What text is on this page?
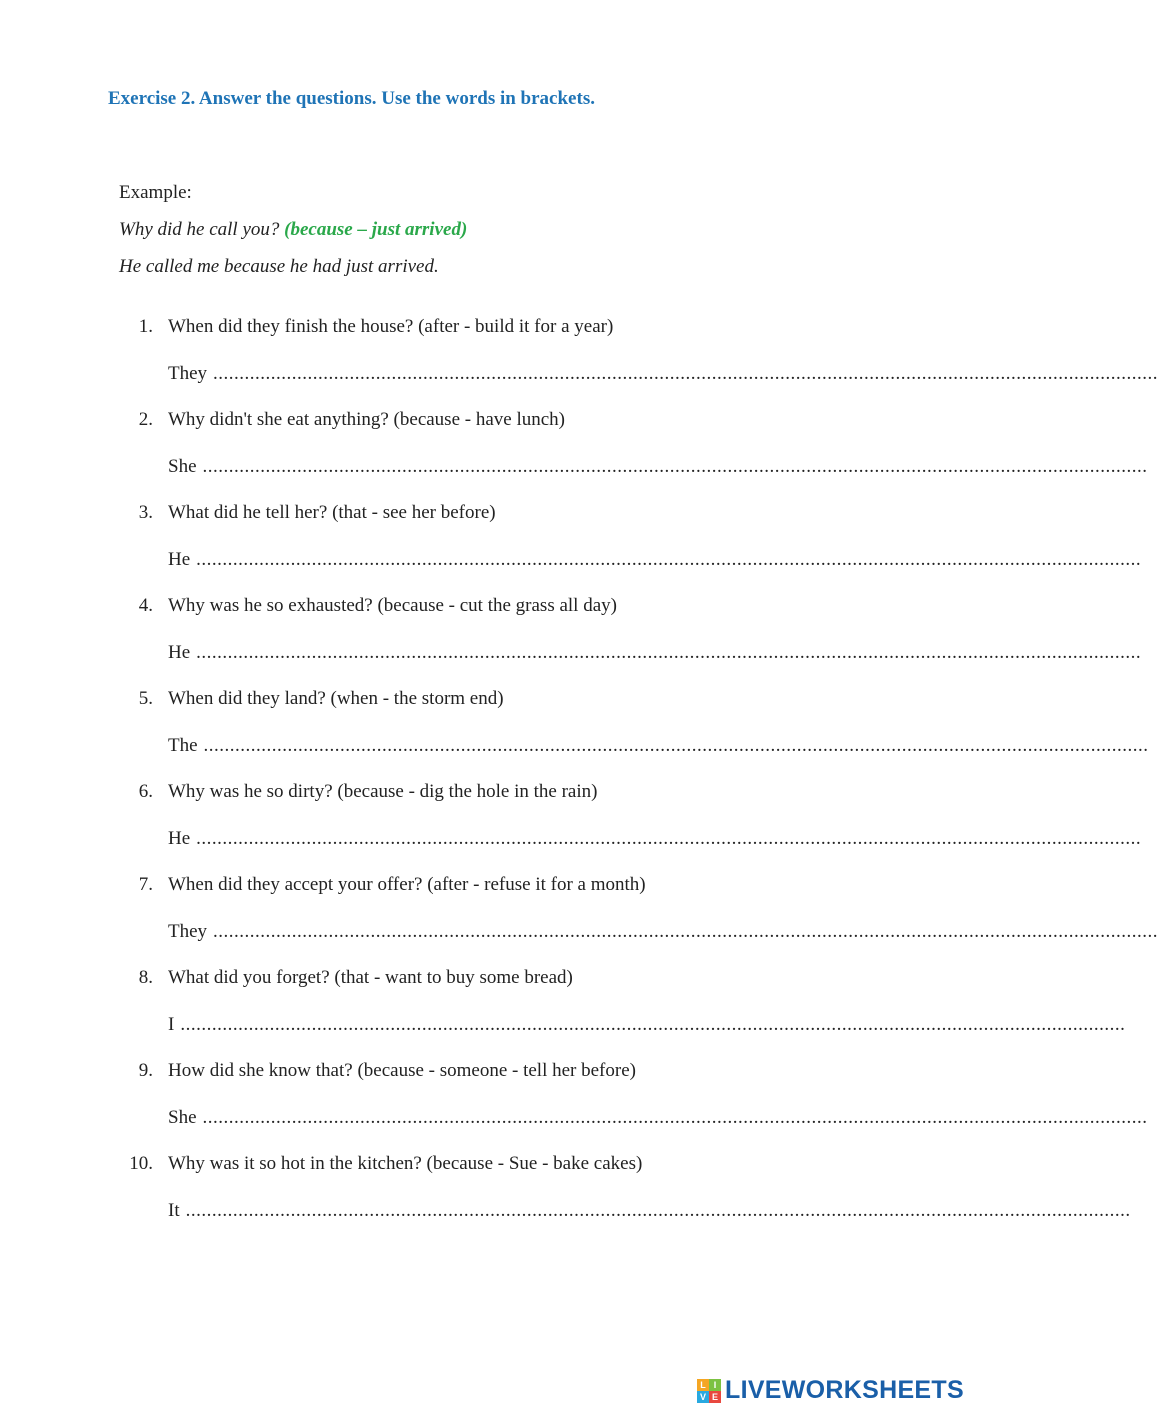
Exercise 2. Answer the questions. Use the words in brackets.
Example:
Why did he call you? (because – just arrived)
He called me because he had just arrived.
1. When did they finish the house? (after - build it for a year)
They ....................................................................................................................................................................................
2. Why didn't she eat anything? (because - have lunch)
She ....................................................................................................................................................................................
3. What did he tell her? (that - see her before)
He ....................................................................................................................................................................................
4. Why was he so exhausted? (because - cut the grass all day)
He ....................................................................................................................................................................................
5. When did they land? (when - the storm end)
The ....................................................................................................................................................................................
6. Why was he so dirty? (because - dig the hole in the rain)
He ....................................................................................................................................................................................
7. When did they accept your offer? (after - refuse it for a month)
They ....................................................................................................................................................................................
8. What did you forget? (that - want to buy some bread)
I ....................................................................................................................................................................................
9. How did she know that? (because - someone - tell her before)
She ....................................................................................................................................................................................
10. Why was it so hot in the kitchen? (because - Sue - bake cakes)
It ....................................................................................................................................................................................
L I
V E LIVEWORKSHEETS
